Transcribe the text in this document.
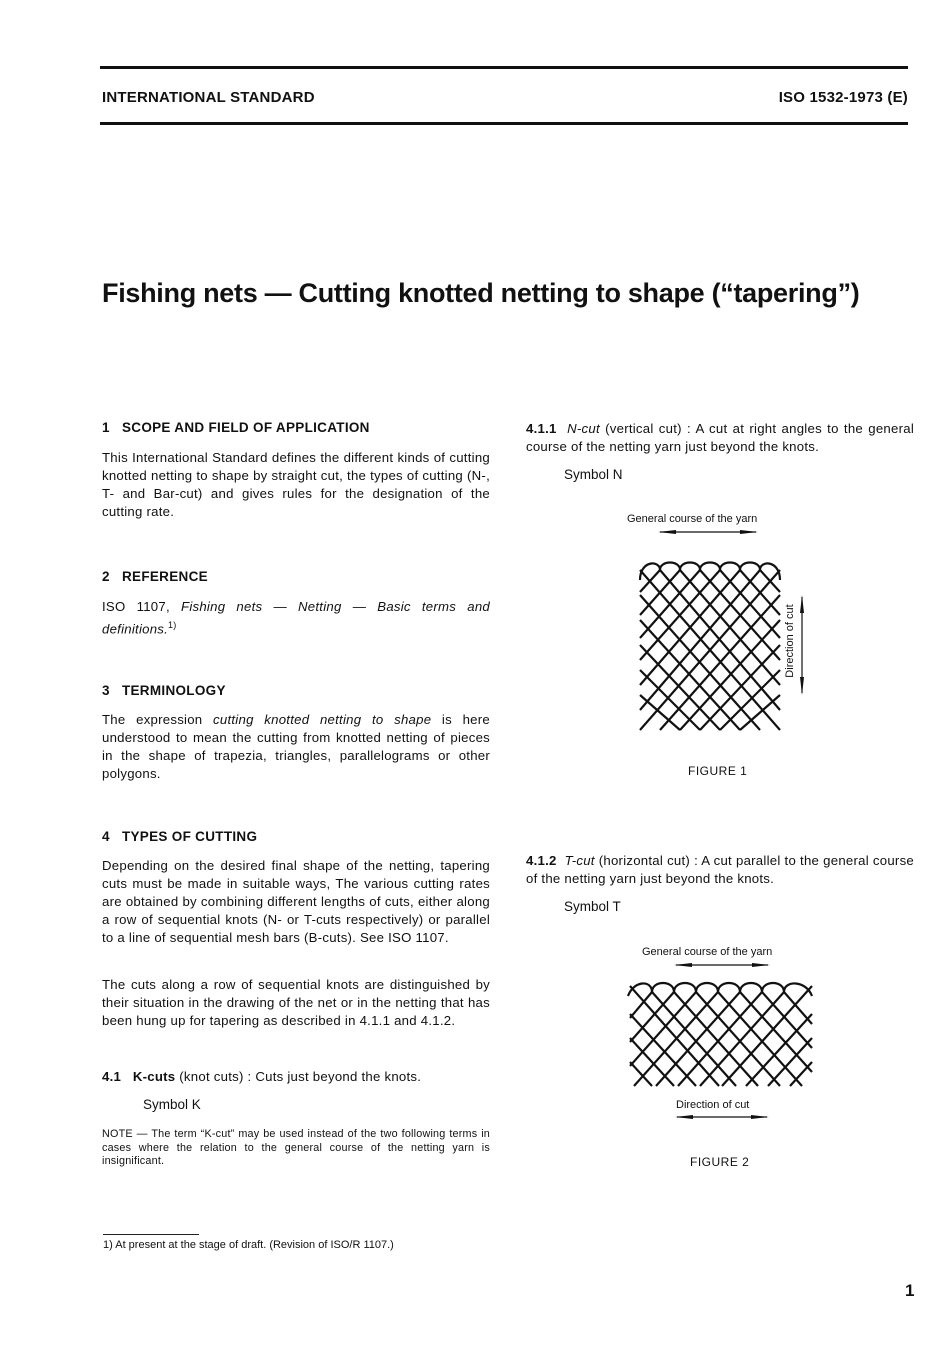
INTERNATIONAL STANDARD	ISO 1532-1973 (E)
Fishing nets — Cutting knotted netting to shape (“tapering”)
1   SCOPE AND FIELD OF APPLICATION
This International Standard defines the different kinds of cutting knotted netting to shape by straight cut, the types of cutting (N-, T- and Bar-cut) and gives rules for the designation of the cutting rate.
2   REFERENCE
ISO 1107, Fishing nets — Netting — Basic terms and definitions.$^{1)}$
3   TERMINOLOGY
The expression cutting knotted netting to shape is here understood to mean the cutting from knotted netting of pieces in the shape of trapezia, triangles, parallelograms or other polygons.
4   TYPES OF CUTTING
Depending on the desired final shape of the netting, tapering cuts must be made in suitable ways, The various cutting rates are obtained by combining different lengths of cuts, either along a row of sequential knots (N- or T-cuts respectively) or parallel to a line of sequential mesh bars (B-cuts). See ISO 1107.
The cuts along a row of sequential knots are distinguished by their situation in the drawing of the net or in the netting that has been hung up for tapering as described in 4.1.1 and 4.1.2.
4.1 K-cuts (knot cuts) : Cuts just beyond the knots.
Symbol K
NOTE — The term “K-cut” may be used instead of the two following terms in cases where the relation to the general course of the netting yarn is insignificant.
4.1.1 N-cut (vertical cut) : A cut at right angles to the general course of the netting yarn just beyond the knots.
Symbol N
General course of the yarn
Direction of cut
FIGURE 1
4.1.2 T-cut (horizontal cut) : A cut parallel to the general course of the netting yarn just beyond the knots.
Symbol T
General course of the yarn
Direction of cut
FIGURE 2
1) At present at the stage of draft. (Revision of ISO/R 1107.)
1
